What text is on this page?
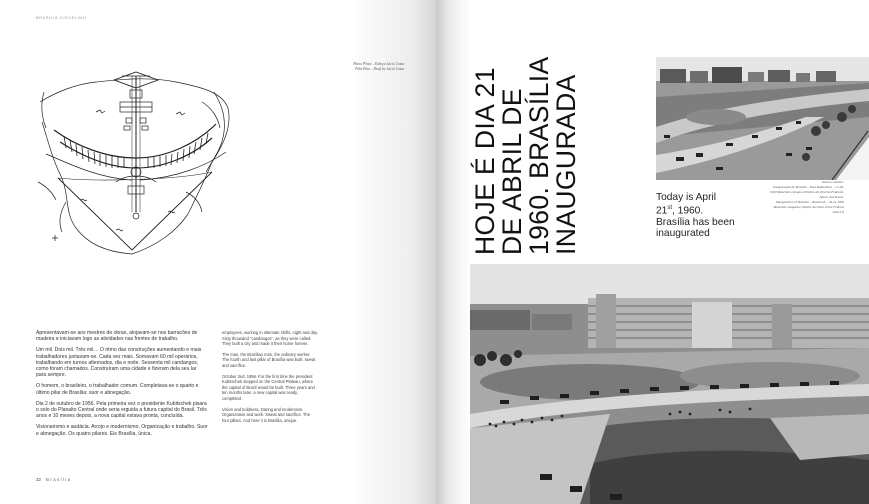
BRASÍLIA JUSCELINO
Plano Piloto – Esboço Lúcio Costa
Pilot Plan – Draft by Lúcio Costa

Apresentavam-se aos mestres de obras, alojavam-se nos barracões de madeira e iniciavam logo as atividades nas frentes de trabalho.

Um mil. Dois mil. Três mil… O ritmo das construções aumentando e mais trabalhadores juntavam-se. Cada vez mais. Somavam 60 mil operários, trabalhando em turnos alternados, dia e noite. Sessenta mil candangos, como foram chamados. Construíram uma cidade e fizeram dela seu lar para sempre.

O homem, o brasileiro, o trabalhador comum. Completava-se o quarto e último pilar de Brasília: suor e abnegação.

Dia 2 de outubro de 1956. Pela primeira vez o presidente Kubitschek pisara o solo do Planalto Central onde seria erguida a futura capital do Brasil. Três anos e 10 meses depois, a nova capital estava pronta, concluída.

Visionarismo e audácia. Arrojo e modernismo. Organização e trabalho. Suor e abnegação. Os quatro pilares. Eis Brasília, única.

employees, working in alternate shifts, night and day. Sixty thousand "candangos", as they were called. They built a city and made it their home forever.

The man, the Brazilian man, the ordinary worker. The fourth and last pillar of Brasília was built: sweat and sacrifice.

October 2nd, 1956. For the first time the president Kubitschek stepped on the Central Plateau, where the capital of Brazil would be built. Three years and ten months later, a new capital was ready, completed.

Vision and boldness. Daring and modernism. Organization and work. Sweat and sacrifice. The four pillars. And here it is Brasília, unique.

32 Brasília
HOJE É DIA 21
DE ABRIL DE
1960. BRASÍLIA
INAUGURADA	Today is April
21st, 1960.
Brasília has been
inaugurated
Acima e abaixo:
Inauguração de Brasília – Eixo Rodoviário – 21.04.
1960 Manchete (Arquivo Público do Distrito Federal).
Above and below:
Inauguration of Brasília – Road hub – 04.21.1960
Manchete magazine (Public Archives of the Federal
District)
